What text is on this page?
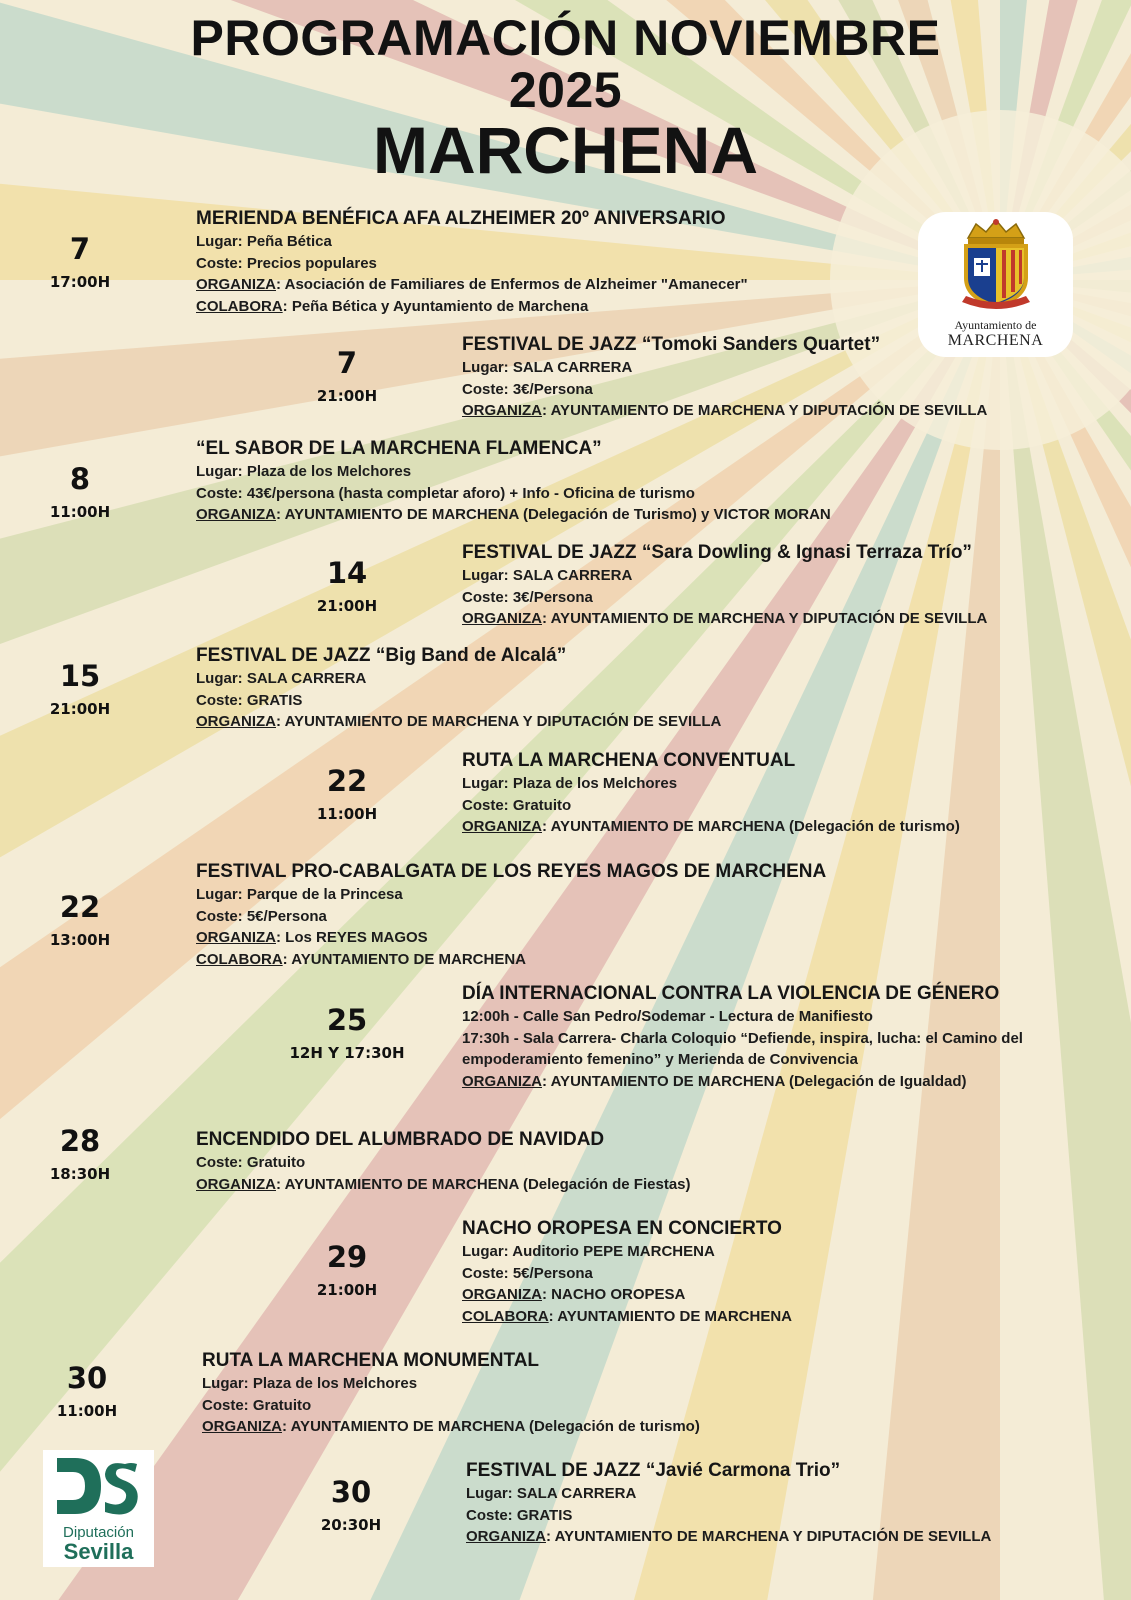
PROGRAMACIÓN NOVIEMBRE
2025
MARCHENA
Ayuntamiento de
MARCHENA
Diputación
Sevilla
7
17:00H
MERIENDA BENÉFICA AFA ALZHEIMER 20º ANIVERSARIO
Lugar: Peña Bética
Coste: Precios populares
ORGANIZA: Asociación de Familiares de Enfermos de Alzheimer "Amanecer"
COLABORA: Peña Bética y Ayuntamiento de Marchena
7
21:00H
FESTIVAL DE JAZZ “Tomoki Sanders Quartet”
Lugar: SALA CARRERA
Coste: 3€/Persona
ORGANIZA: AYUNTAMIENTO DE MARCHENA Y DIPUTACIÓN DE SEVILLA
8
11:00H
“EL SABOR DE LA MARCHENA FLAMENCA”
Lugar: Plaza de los Melchores
Coste: 43€/persona (hasta completar aforo) + Info - Oficina de turismo
ORGANIZA: AYUNTAMIENTO DE MARCHENA (Delegación de Turismo) y VICTOR MORAN
14
21:00H
FESTIVAL DE JAZZ “Sara Dowling & Ignasi Terraza Trío”
Lugar: SALA CARRERA
Coste: 3€/Persona
ORGANIZA: AYUNTAMIENTO DE MARCHENA Y DIPUTACIÓN DE SEVILLA
15
21:00H
FESTIVAL DE JAZZ “Big Band de Alcalá”
Lugar: SALA CARRERA
Coste: GRATIS
ORGANIZA: AYUNTAMIENTO DE MARCHENA Y DIPUTACIÓN DE SEVILLA
22
11:00H
RUTA LA MARCHENA CONVENTUAL
Lugar: Plaza de los Melchores
Coste: Gratuito
ORGANIZA: AYUNTAMIENTO DE MARCHENA (Delegación de turismo)
22
13:00H
FESTIVAL PRO-CABALGATA DE LOS REYES MAGOS DE MARCHENA
Lugar: Parque de la Princesa
Coste: 5€/Persona
ORGANIZA: Los REYES MAGOS
COLABORA: AYUNTAMIENTO DE MARCHENA
25
12H Y 17:30H
DÍA INTERNACIONAL CONTRA LA VIOLENCIA DE GÉNERO
12:00h - Calle San Pedro/Sodemar - Lectura de Manifiesto
17:30h - Sala Carrera- Charla Coloquio “Defiende, inspira, lucha: el Camino del
empoderamiento femenino” y Merienda de Convivencia
ORGANIZA: AYUNTAMIENTO DE MARCHENA (Delegación de Igualdad)
28
18:30H
ENCENDIDO DEL ALUMBRADO DE NAVIDAD
Coste: Gratuito
ORGANIZA: AYUNTAMIENTO DE MARCHENA (Delegación de Fiestas)
29
21:00H
NACHO OROPESA EN CONCIERTO
Lugar: Auditorio PEPE MARCHENA
Coste: 5€/Persona
ORGANIZA: NACHO OROPESA
COLABORA: AYUNTAMIENTO DE MARCHENA
30
11:00H
RUTA LA MARCHENA MONUMENTAL
Lugar: Plaza de los Melchores
Coste: Gratuito
ORGANIZA: AYUNTAMIENTO DE MARCHENA (Delegación de turismo)
30
20:30H
FESTIVAL DE JAZZ “Javié Carmona Trio”
Lugar: SALA CARRERA
Coste: GRATIS
ORGANIZA: AYUNTAMIENTO DE MARCHENA Y DIPUTACIÓN DE SEVILLA
